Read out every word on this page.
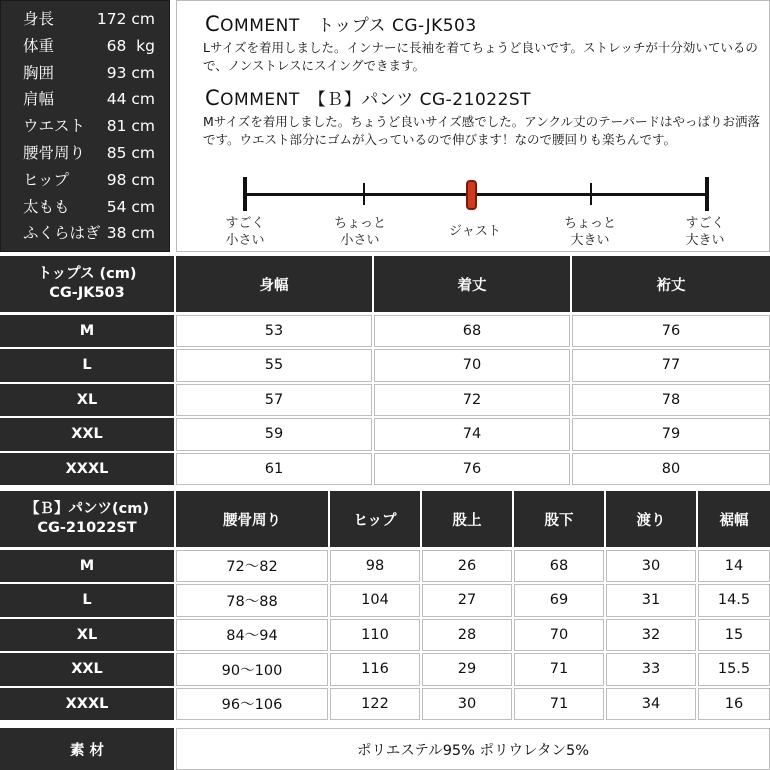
身長	172 cm
体重	68  kg
胸囲	93 cm
肩幅	44 cm
ウエスト 81 cm
腰骨周り 85 cm
ヒップ 98 cm
太もも 54 cm
ふくらはぎ 38 cm
COMMENT　トップス CG-JK503
Lサイズを着用しました。インナーに長袖を着てちょうど良いです。ストレッチが十分効いているので、ノンストレスにスイングできます。
COMMENT　【Ｂ】パンツ CG-21022ST
Mサイズを着用しました。ちょうど良いサイズ感でした。アンクル丈のテーパードはやっぱりお洒落です。ウエスト部分にゴムが入っているので伸びます！なので腰回りも楽ちんです。
すごく
小さい
ちょっと
小さい
ジャスト
ちょっと
大きい
すごく
大きい
トップス (cm)
CG-JK503	身幅	着丈	裄丈
M	53	68	76
L	55	70	77
XL	57	72	78
XXL	59	74	79
XXXL	61	76	80
【Ｂ】パンツ(cm)
CG-21022ST	腰骨周り	ヒップ	股上	股下	渡り	裾幅
M	72～82	98	26	68	30	14
L	78～88	104	27	69	31	14.5
XL	84～94	110	28	70	32	15
XXL	90～100	116	29	71	33	15.5
XXXL	96～106	122	30	71	34	16
素 材	ポリエステル95% ポリウレタン5%
